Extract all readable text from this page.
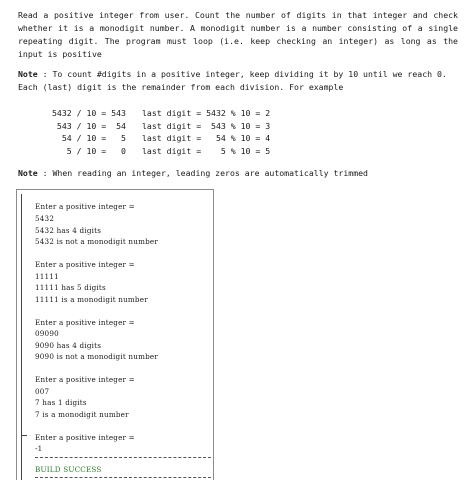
Read a positive integer from user. Count the number of digits in that integer and check whether it is a monodigit number. A monodigit number is a number consisting of a single repeating digit. The program must loop (i.e. keep checking an integer) as long as the input is positive

Note : To count #digits in a positive integer, keep dividing it by 10 until we reach 0. Each (last) digit is the remainder from each division. For example

5432 / 10 = 543	last digit = 5432 % 10 = 2
543 / 10 =  54	last digit =  543 % 10 = 3
54 / 10 =   5	last digit =   54 % 10 = 4
5 / 10 =   0	last digit =    5 % 10 = 5

Note : When reading an integer, leading zeros are automatically trimmed

Enter a positive integer =
5432
5432 has 4 digits
5432 is not a monodigit number
Enter a positive integer =
11111
11111 has 5 digits
11111 is a monodigit number
Enter a positive integer =
09090
9090 has 4 digits
9090 is not a monodigit number
Enter a positive integer =
007
7 has 1 digits
7 is a monodigit number
Enter a positive integer =
-1
BUILD SUCCESS
